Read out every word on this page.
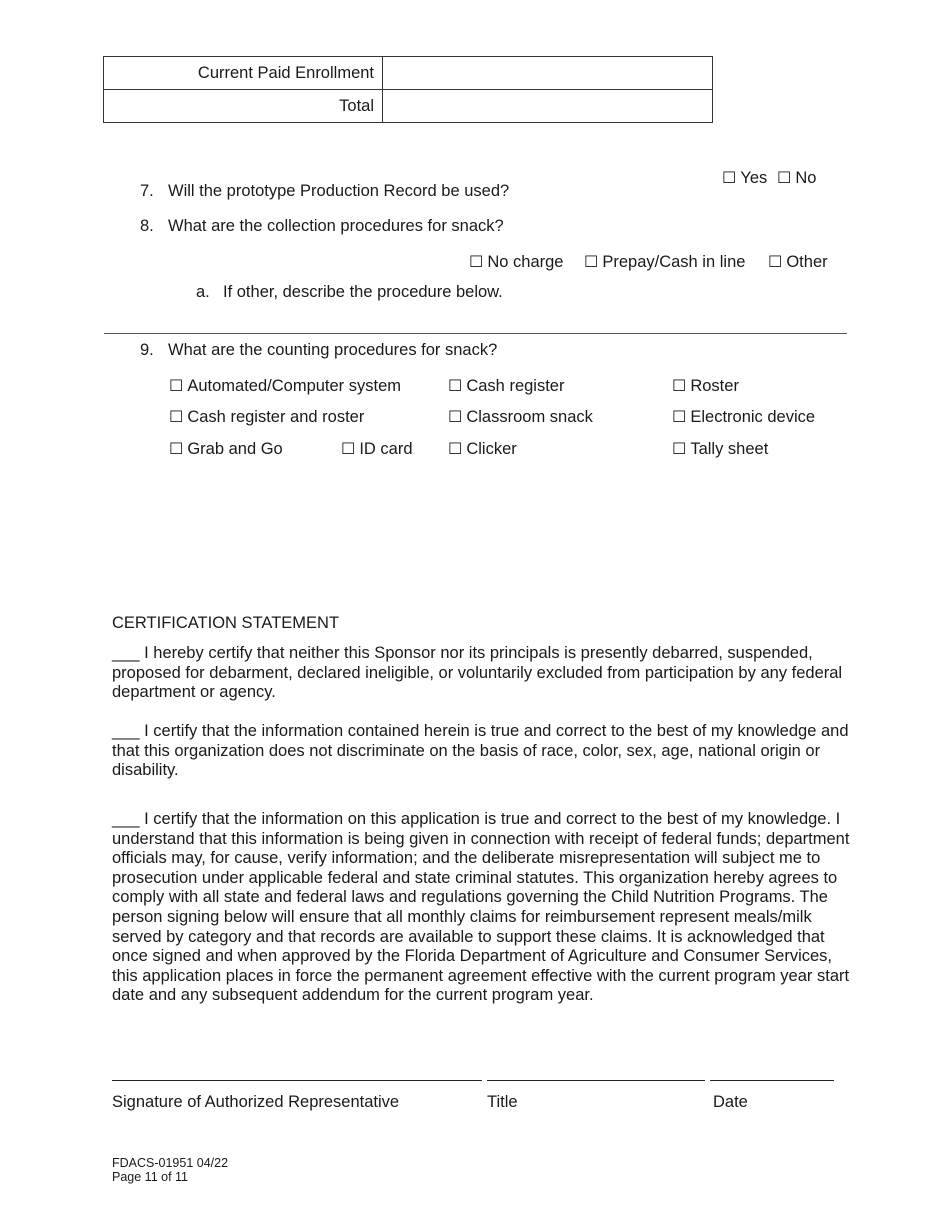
Current Paid Enrollment	
Total	
☐ Yes ☐ No
7. Will the prototype Production Record be used?
8. What are the collection procedures for snack?
☐ No charge ☐ Prepay/Cash in line ☐ Other
a. If other, describe the procedure below.
9. What are the counting procedures for snack?
☐ Automated/Computer system	☐ Cash register	☐ Roster
☐ Cash register and roster	☐ Classroom snack	☐ Electronic device
☐ Grab and Go	☐ ID card ☐ Clicker	☐ Tally sheet
CERTIFICATION STATEMENT
___ I hereby certify that neither this Sponsor nor its principals is presently debarred, suspended, proposed for debarment, declared ineligible, or voluntarily excluded from participation by any federal department or agency.
___ I certify that the information contained herein is true and correct to the best of my knowledge and that this organization does not discriminate on the basis of race, color, sex, age, national origin or disability.
___ I certify that the information on this application is true and correct to the best of my knowledge. I understand that this information is being given in connection with receipt of federal funds; department officials may, for cause, verify information; and the deliberate misrepresentation will subject me to prosecution under applicable federal and state criminal statutes. This organization hereby agrees to comply with all state and federal laws and regulations governing the Child Nutrition Programs. The person signing below will ensure that all monthly claims for reimbursement represent meals/milk served by category and that records are available to support these claims. It is acknowledged that once signed and when approved by the Florida Department of Agriculture and Consumer Services, this application places in force the permanent agreement effective with the current program year start date and any subsequent addendum for the current program year.
Signature of Authorized Representative	Title	Date
FDACS-01951 04/22
Page 11 of 11
